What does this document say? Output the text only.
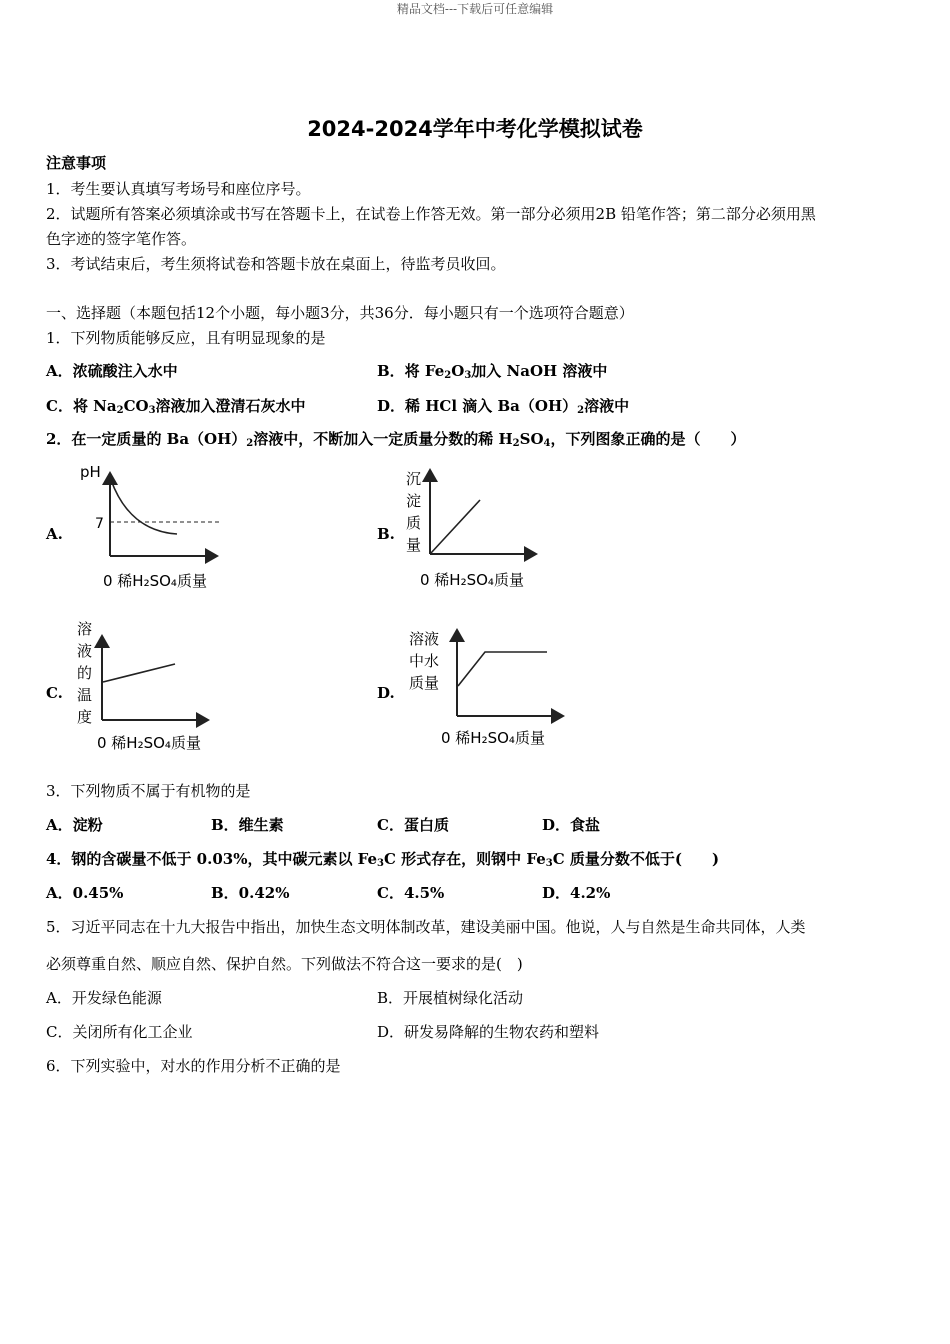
精品文档---下载后可任意编辑
2024-2024学年中考化学模拟试卷
注意事项
1．考生要认真填写考场号和座位序号。
2．试题所有答案必须填涂或书写在答题卡上，在试卷上作答无效。第一部分必须用2B 铅笔作答；第二部分必须用黑
色字迹的签字笔作答。
3．考试结束后，考生须将试卷和答题卡放在桌面上，待监考员收回。
一、选择题（本题包括12个小题，每小题3分，共36分．每小题只有一个选项符合题意）
1．下列物质能够反应，且有明显现象的是
A．浓硫酸注入水中	B．将 $Fe_2O_3$加入 NaOH 溶液中
C．将 $Na_2CO_3$溶液加入澄清石灰水中	D．稀 HCl 滴入 $Ba(OH)_2$溶液中
2．在一定质量的 $Ba(OH)_2$溶液中，不断加入一定质量分数的稀 $H_2SO_4$，下列图象正确的是（　　）
A.	B.
C.	D.
pH
7
0 稀H₂SO₄质量
沉
淀
质
量
0 稀H₂SO₄质量
溶
液
的
温
度
0 稀H₂SO₄质量
溶液
中水
质量
0 稀H₂SO₄质量
3．下列物质不属于有机物的是
A．淀粉	B．维生素	C．蛋白质	D．食盐
4．钢的含碳量不低于 0.03%，其中碳元素以 $Fe_3C$ 形式存在，则钢中 $Fe_3C$ 质量分数不低于(　　)
A．0.45%	B．0.42%	C．4.5%	D．4.2%
5．习近平同志在十九大报告中指出，加快生态文明体制改革，建设美丽中国。他说，人与自然是生命共同体，人类
必须尊重自然、顺应自然、保护自然。下列做法不符合这一要求的是(　)
A．开发绿色能源	B．开展植树绿化活动
C．关闭所有化工企业	D．研发易降解的生物农药和塑料
6．下列实验中，对水的作用分析不正确的是
